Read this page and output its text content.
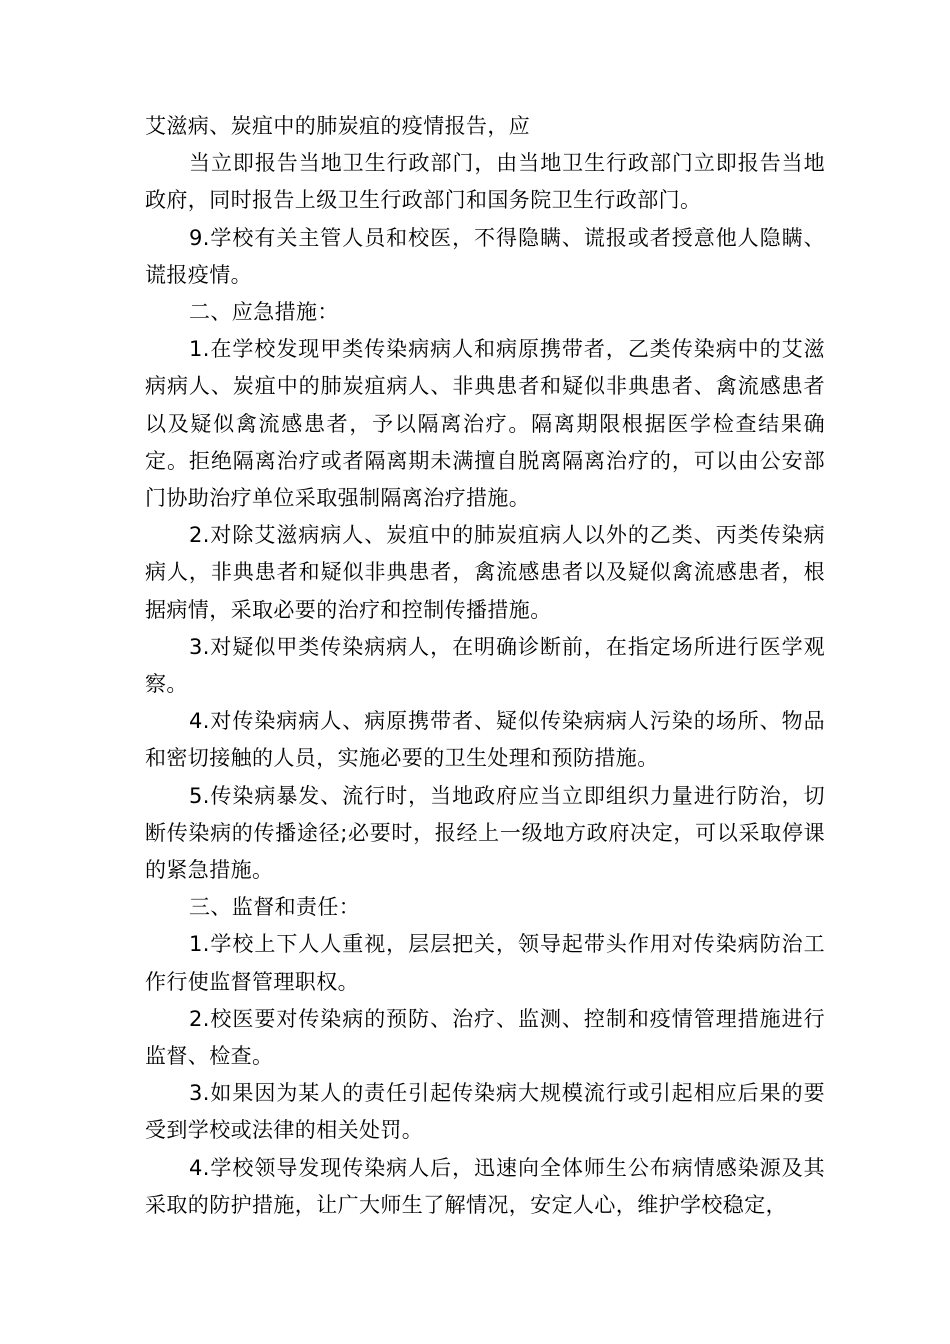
艾滋病、炭疽中的肺炭疽的疫情报告，应

当立即报告当地卫生行政部门，由当地卫生行政部门立即报告当地政府，同时报告上级卫生行政部门和国务院卫生行政部门。

9.学校有关主管人员和校医，不得隐瞒、谎报或者授意他人隐瞒、谎报疫情。

二、应急措施：

1.在学校发现甲类传染病病人和病原携带者，乙类传染病中的艾滋病病人、炭疽中的肺炭疽病人、非典患者和疑似非典患者、禽流感患者以及疑似禽流感患者，予以隔离治疗。隔离期限根据医学检查结果确定。拒绝隔离治疗或者隔离期未满擅自脱离隔离治疗的，可以由公安部门协助治疗单位采取强制隔离治疗措施。

2.对除艾滋病病人、炭疽中的肺炭疽病人以外的乙类、丙类传染病病人，非典患者和疑似非典患者，禽流感患者以及疑似禽流感患者，根据病情，采取必要的治疗和控制传播措施。

3.对疑似甲类传染病病人，在明确诊断前，在指定场所进行医学观察。

4.对传染病病人、病原携带者、疑似传染病病人污染的场所、物品和密切接触的人员，实施必要的卫生处理和预防措施。

5.传染病暴发、流行时，当地政府应当立即组织力量进行防治，切断传染病的传播途径;必要时，报经上一级地方政府决定，可以采取停课的紧急措施。

三、监督和责任：

1.学校上下人人重视，层层把关，领导起带头作用对传染病防治工作行使监督管理职权。

2.校医要对传染病的预防、治疗、监测、控制和疫情管理措施进行监督、检查。

3.如果因为某人的责任引起传染病大规模流行或引起相应后果的要受到学校或法律的相关处罚。

4.学校领导发现传染病人后，迅速向全体师生公布病情感染源及其采取的防护措施，让广大师生了解情况，安定人心，维护学校稳定，
